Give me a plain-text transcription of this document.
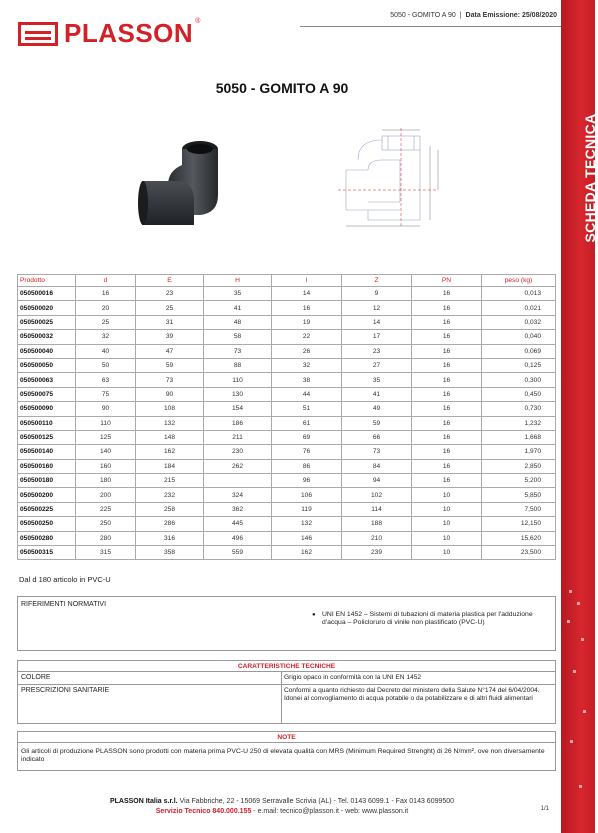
PLASSON ®
5050 - GOMITO A 90 | Data Emissione: 25/08/2020
SCHEDA TECNICA
5050 - GOMITO A 90
Prodotto	d	E	H	I	Z	PN	peso (kg)
050500016	16	23	35	14	9	16	0,013
050500020	20	25	41	16	12	16	0,021
050500025	25	31	48	19	14	16	0,032
050500032	32	39	58	22	17	16	0,040
050500040	40	47	73	26	23	16	0,069
050500050	50	59	88	32	27	16	0,125
050500063	63	73	110	38	35	16	0,300
050500075	75	90	130	44	41	16	0,450
050500090	90	108	154	51	49	16	0,730
050500110	110	132	186	61	59	16	1,232
050500125	125	148	211	69	66	16	1,668
050500140	140	162	230	76	73	16	1,970
050500160	160	184	262	86	84	16	2,850
050500180	180	215		96	94	16	5,200
050500200	200	232	324	106	102	10	5,850
050500225	225	258	362	119	114	10	7,500
050500250	250	286	445	132	188	10	12,150
050500280	280	316	496	146	210	10	15,620
050500315	315	358	559	162	239	10	23,500
Dal d 180 articolo in PVC-U
RIFERIMENTI NORMATIVI
● UNI EN 1452 – Sistemi di tubazioni di materia plastica per l'adduzione d'acqua – Policloruro di vinile non plastificato (PVC-U)
CARATTERISTICHE TECNICHE
COLORE	Grigio opaco in conformità con la UNI EN 1452
PRESCRIZIONI SANITARIE	Conformi a quanto richiesto dal Decreto del ministero della Salute N°174 del 6/04/2004. Idonei al convogliamento di acqua potabile o da potabilizzare e di altri fluidi alimentari
NOTE
Gli articoli di produzione PLASSON sono prodotti con materia prima PVC-U 250 di elevata qualità con MRS (Minimum Required Strenght) di 26 N/mm², ove non diversamente indicato
PLASSON Italia s.r.l. Via Fabbriche, 22 - 15069 Serravalle Scrivia (AL) - Tel. 0143 6099.1 - Fax 0143 6099500
Servizio Tecnico 840.000.155 - e.mail: tecnico@plasson.it - web: www.plasson.it	1/1
